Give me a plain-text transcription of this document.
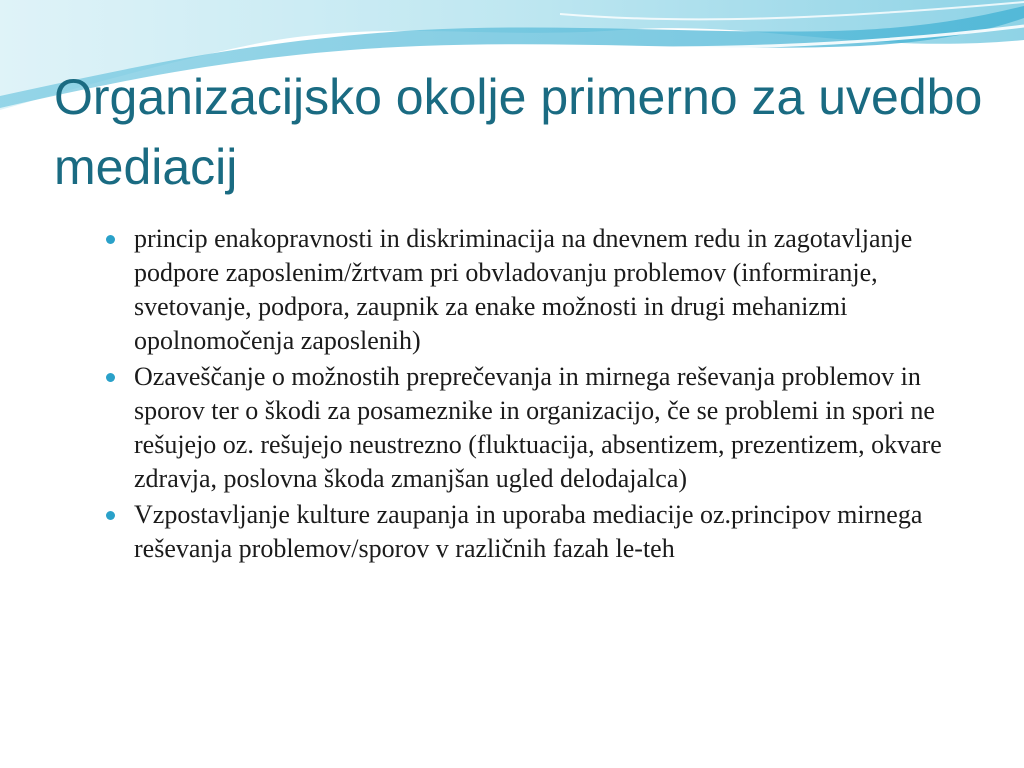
Organizacijsko okolje primerno za uvedbo mediacij
princip enakopravnosti in diskriminacija na dnevnem redu in zagotavljanje podpore zaposlenim/žrtvam pri obvladovanju problemov (informiranje, svetovanje, podpora, zaupnik za enake možnosti in drugi mehanizmi opolnomočenja zaposlenih)
Ozaveščanje o možnostih preprečevanja in mirnega reševanja problemov in sporov ter o škodi za posameznike in organizacijo, če se problemi in spori ne rešujejo oz. rešujejo neustrezno (fluktuacija, absentizem, prezentizem, okvare zdravja, poslovna škoda zmanjšan ugled delodajalca)
Vzpostavljanje kulture zaupanja in uporaba mediacije oz.principov mirnega reševanja problemov/sporov v različnih fazah le-teh
